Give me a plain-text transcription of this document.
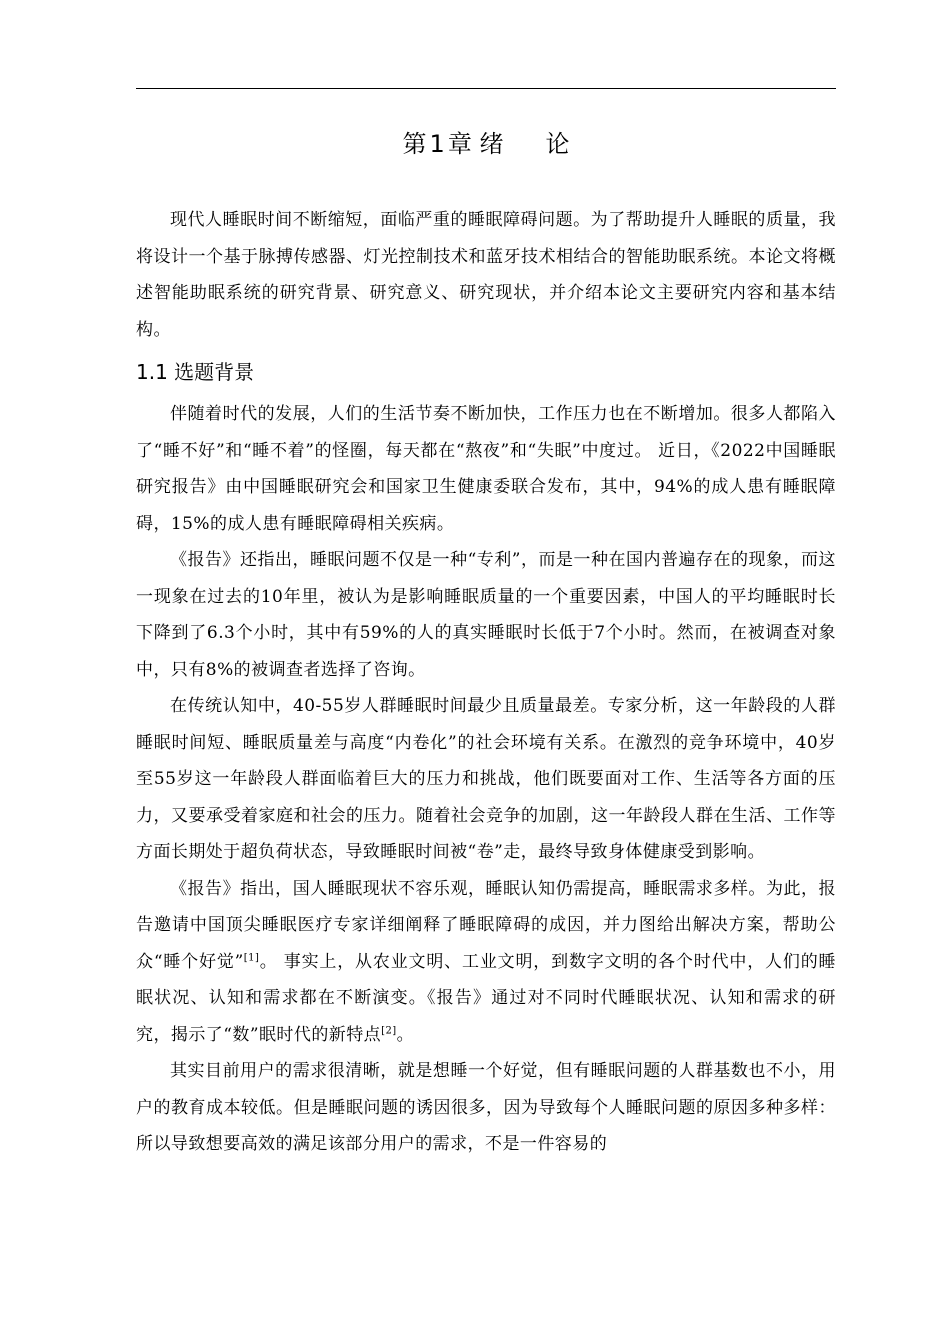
第 1 章 绪 论

现代人睡眠时间不断缩短，面临严重的睡眠障碍问题。为了帮助提升人睡眠的质量，我将设计一个基于脉搏传感器、灯光控制技术和蓝牙技术相结合的智能助眠系统。本论文将概述智能助眠系统的研究背景、研究意义、研究现状，并介绍本论文主要研究内容和基本结构。

1.1 选题背景

伴随着时代的发展，人们的生活节奏不断加快，工作压力也在不断增加。很多人都陷入了“睡不好”和“睡不着”的怪圈，每天都在“熬夜”和“失眠”中度过。 近日，《2022中国睡眠研究报告》由中国睡眠研究会和国家卫生健康委联合发布，其中，94%的成人患有睡眠障碍，15%的成人患有睡眠障碍相关疾病。

《报告》还指出，睡眠问题不仅是一种“专利”，而是一种在国内普遍存在的现象，而这一现象在过去的10年里，被认为是影响睡眠质量的一个重要因素，中国人的平均睡眠时长下降到了6.3个小时，其中有59%的人的真实睡眠时长低于7个小时。然而，在被调查对象中，只有8%的被调查者选择了咨询。

在传统认知中，40-55岁人群睡眠时间最少且质量最差。专家分析，这一年龄段的人群睡眠时间短、睡眠质量差与高度“内卷化”的社会环境有关系。在激烈的竞争环境中，40岁至55岁这一年龄段人群面临着巨大的压力和挑战，他们既要面对工作、生活等各方面的压力，又要承受着家庭和社会的压力。随着社会竞争的加剧，这一年龄段人群在生活、工作等方面长期处于超负荷状态，导致睡眠时间被“卷”走，最终导致身体健康受到影响。

《报告》指出，国人睡眠现状不容乐观，睡眠认知仍需提高，睡眠需求多样。为此，报告邀请中国顶尖睡眠医疗专家详细阐释了睡眠障碍的成因，并力图给出解决方案，帮助公众“睡个好觉”[1]。 事实上，从农业文明、工业文明，到数字文明的各个时代中，人们的睡眠状况、认知和需求都在不断演变。《报告》通过对不同时代睡眠状况、认知和需求的研究，揭示了“数”眠时代的新特点[2]。

其实目前用户的需求很清晰，就是想睡一个好觉，但有睡眠问题的人群基数也不小，用户的教育成本较低。但是睡眠问题的诱因很多，因为导致每个人睡眠问题的原因多种多样：所以导致想要高效的满足该部分用户的需求，不是一件容易的
